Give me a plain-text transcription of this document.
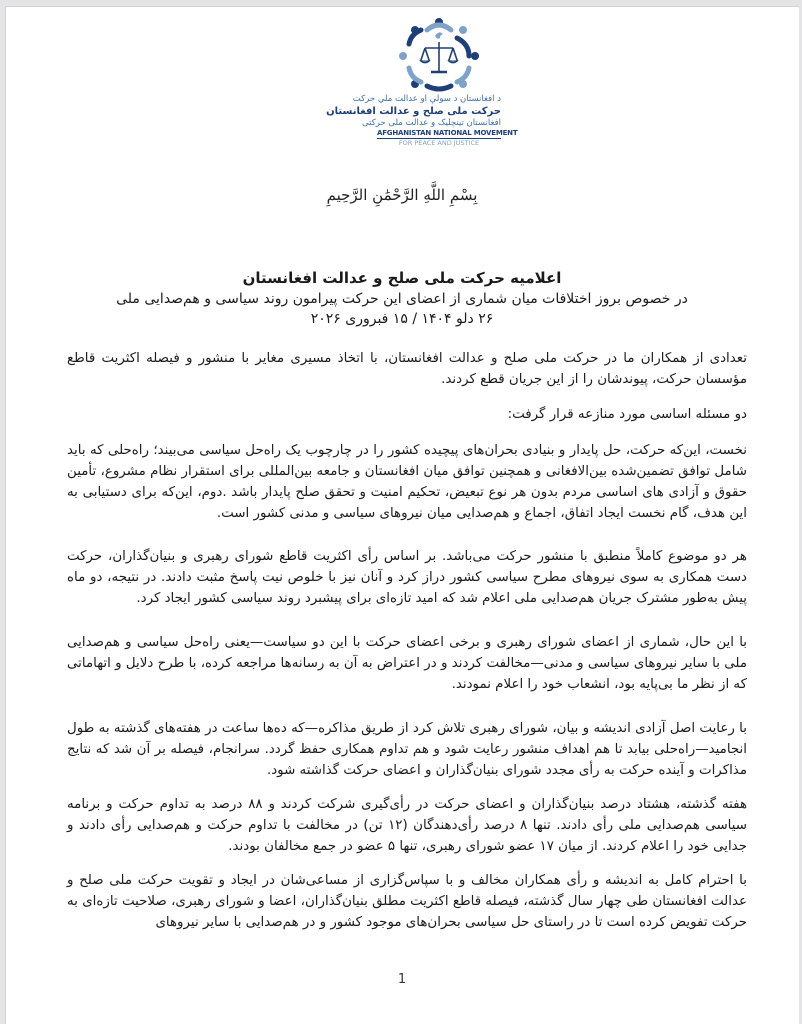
د افغانستان د سولې او عدالت ملي حرکت
حرکت ملی صلح و عدالت افغانستان
افغانستان تینچلیک و عدالت ملی حرکتی
AFGHANISTAN NATIONAL MOVEMENT
FOR PEACE AND JUSTICE
بِسْمِ اللَّهِ الرَّحْمَٰنِ الرَّحِيمِ
اعلامیه حرکت ملی صلح و عدالت افغانستان
در خصوص بروز اختلافات میان شماری از اعضای این حرکت پیرامون روند سیاسی و هم‌صدایی ملی
۲۶ دلو ۱۴۰۴ / ۱۵ فبروری ۲۰۲۶
تعدادی از همکاران ما در حرکت ملی صلح و عدالت افغانستان، با اتخاذ مسیری مغایر با منشور و فیصله اکثریت قاطع مؤسسان حرکت، پیوندشان را از این جریان قطع کردند.
دو مسئله اساسی مورد منازعه قرار گرفت:
نخست، این‌که حرکت، حل پایدار و بنیادی بحران‌های پیچیده کشور را در چارچوب یک راه‌حل سیاسی می‌بیند؛ راه‌حلی که باید شامل توافق تضمین‌شده بین‌الافغانی و همچنین توافق میان افغانستان و جامعه بین‌المللی برای استقرار نظام مشروع، تأمین حقوق و آزادی های اساسی مردم بدون هر نوع تبعیض، تحکیم امنیت و تحقق صلح پایدار باشد .دوم، این‌که برای دستیابی به این هدف، گام نخست ایجاد اتفاق، اجماع و هم‌صدایی میان نیروهای سیاسی و مدنی کشور است.
هر دو موضوع کاملاً منطبق با منشور حرکت می‌باشد. بر اساس رأی اکثریت قاطع شورای رهبری و بنیان‌گذاران، حرکت دست همکاری به سوی نیروهای مطرح سیاسی کشور دراز کرد و آنان نیز با خلوص نیت پاسخ مثبت دادند. در نتیجه، دو ماه پیش به‌طور مشترک جریان هم‌صدایی ملی اعلام شد که امید تازه‌ای برای پیشبرد روند سیاسی کشور ایجاد کرد.
با این حال، شماری از اعضای شورای رهبری و برخی اعضای حرکت با این دو سیاست—یعنی راه‌حل سیاسی و هم‌صدایی ملی با سایر نیروهای سیاسی و مدنی—مخالفت کردند و در اعتراض به آن به رسانه‌ها مراجعه کرده، با طرح دلایل و اتهاماتی که از نظر ما بی‌پایه بود، انشعاب خود را اعلام نمودند.
با رعایت اصل آزادی اندیشه و بیان، شورای رهبری تلاش کرد از طریق مذاکره—که ده‌ها ساعت در هفته‌های گذشته به طول انجامید—راه‌حلی بیابد تا هم اهداف منشور رعایت شود و هم تداوم همکاری حفظ گردد. سرانجام، فیصله بر آن شد که نتایج مذاکرات و آینده حرکت به رأی مجدد شورای بنیان‌گذاران و اعضای حرکت گذاشته شود.
هفته گذشته، هشتاد درصد بنیان‌گذاران و اعضای حرکت در رأی‌گیری شرکت کردند و ۸۸ درصد به تداوم حرکت و برنامه سیاسی هم‌صدایی ملی رأی دادند. تنها ۸ درصد رأی‌دهندگان (۱۲ تن) در مخالفت با تداوم حرکت و هم‌صدایی رأی دادند و جدایی خود را اعلام کردند. از میان ۱۷ عضو شورای رهبری، تنها ۵ عضو در جمع مخالفان بودند.
با احترام کامل به اندیشه و رأی همکاران مخالف و با سپاس‌گزاری از مساعی‌شان در ایجاد و تقویت حرکت ملی صلح و عدالت افغانستان طی چهار سال گذشته، فیصله قاطع اکثریت مطلق بنیان‌گذاران، اعضا و شورای رهبری، صلاحیت تازه‌ای به حرکت تفویض کرده است تا در راستای حل سیاسی بحران‌های موجود کشور و در هم‌صدایی با سایر نیروهای
1
